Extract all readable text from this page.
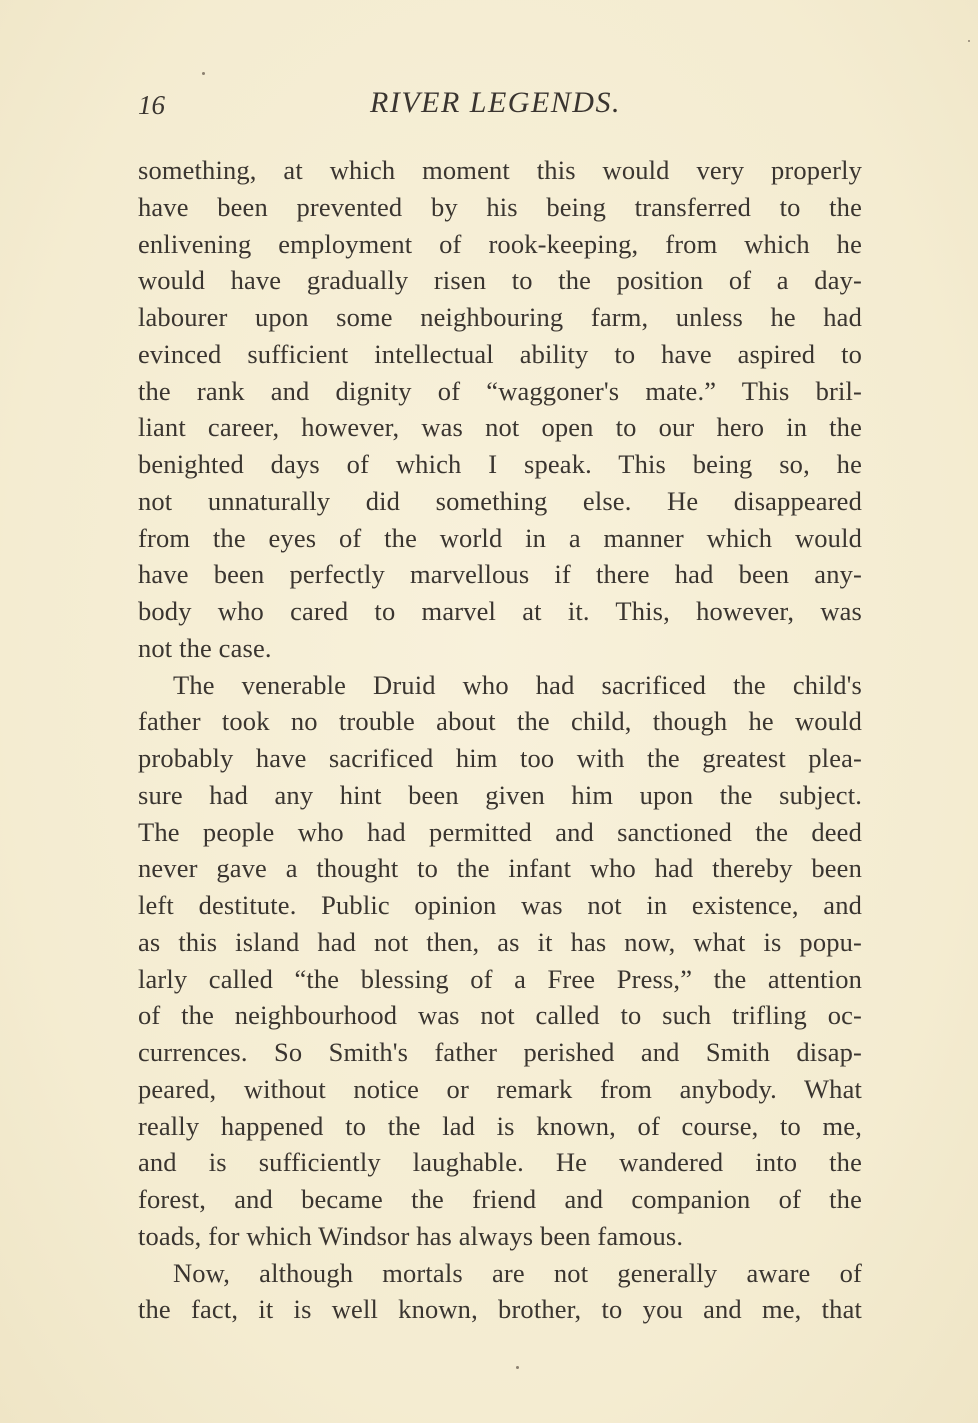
16	RIVER LEGENDS.
something, at which moment this would very properly
have been prevented by his being transferred to the
enlivening employment of rook-keeping, from which he
would have gradually risen to the position of a day-
labourer upon some neighbouring farm, unless he had
evinced sufficient intellectual ability to have aspired to
the rank and dignity of “waggoner's mate.” This bril-
liant career, however, was not open to our hero in the
benighted days of which I speak. This being so, he
not unnaturally did something else. He disappeared
from the eyes of the world in a manner which would
have been perfectly marvellous if there had been any-
body who cared to marvel at it. This, however, was
not the case.
The venerable Druid who had sacrificed the child's
father took no trouble about the child, though he would
probably have sacrificed him too with the greatest plea-
sure had any hint been given him upon the subject.
The people who had permitted and sanctioned the deed
never gave a thought to the infant who had thereby been
left destitute. Public opinion was not in existence, and
as this island had not then, as it has now, what is popu-
larly called “the blessing of a Free Press,” the attention
of the neighbourhood was not called to such trifling oc-
currences. So Smith's father perished and Smith disap-
peared, without notice or remark from anybody. What
really happened to the lad is known, of course, to me,
and is sufficiently laughable. He wandered into the
forest, and became the friend and companion of the
toads, for which Windsor has always been famous.
Now, although mortals are not generally aware of
the fact, it is well known, brother, to you and me, that
